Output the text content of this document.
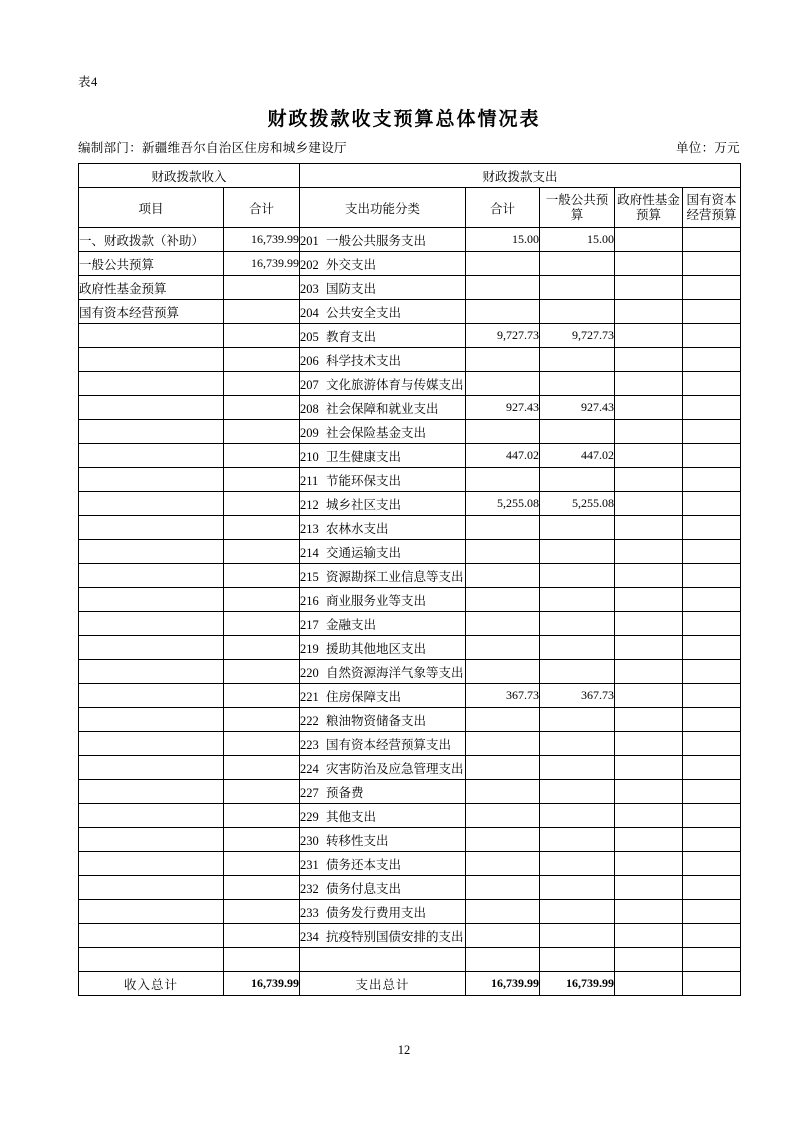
表4
财政拨款收支预算总体情况表
编制部门：新疆维吾尔自治区住房和城乡建设厅	单位：万元
财政拨款收入		财政拨款支出				
项目	合计	支出功能分类	合计	一般公共预算	政府性基金预算	国有资本经营预算
一、财政拨款（补助）	16,739.99	201 一般公共服务支出	15.00	15.00		
一般公共预算	16,739.99	202 外交支出				
政府性基金预算		203 国防支出				
国有资本经营预算		204 公共安全支出				
		205 教育支出	9,727.73	9,727.73		
		206 科学技术支出				
		207 文化旅游体育与传媒支出				
		208 社会保障和就业支出	927.43	927.43		
		209 社会保险基金支出				
		210 卫生健康支出	447.02	447.02		
		211 节能环保支出				
		212 城乡社区支出	5,255.08	5,255.08		
		213 农林水支出				
		214 交通运输支出				
		215 资源勘探工业信息等支出				
		216 商业服务业等支出				
		217 金融支出				
		219 援助其他地区支出				
		220 自然资源海洋气象等支出				
		221 住房保障支出	367.73	367.73		
		222 粮油物资储备支出				
		223 国有资本经营预算支出				
		224 灾害防治及应急管理支出				
		227 预备费				
		229 其他支出				
		230 转移性支出				
		231 债务还本支出				
		232 债务付息支出				
		233 债务发行费用支出				
		234 抗疫特别国债安排的支出				

收入总计	16,739.99	支出总计	16,739.99	16,739.99		
12
